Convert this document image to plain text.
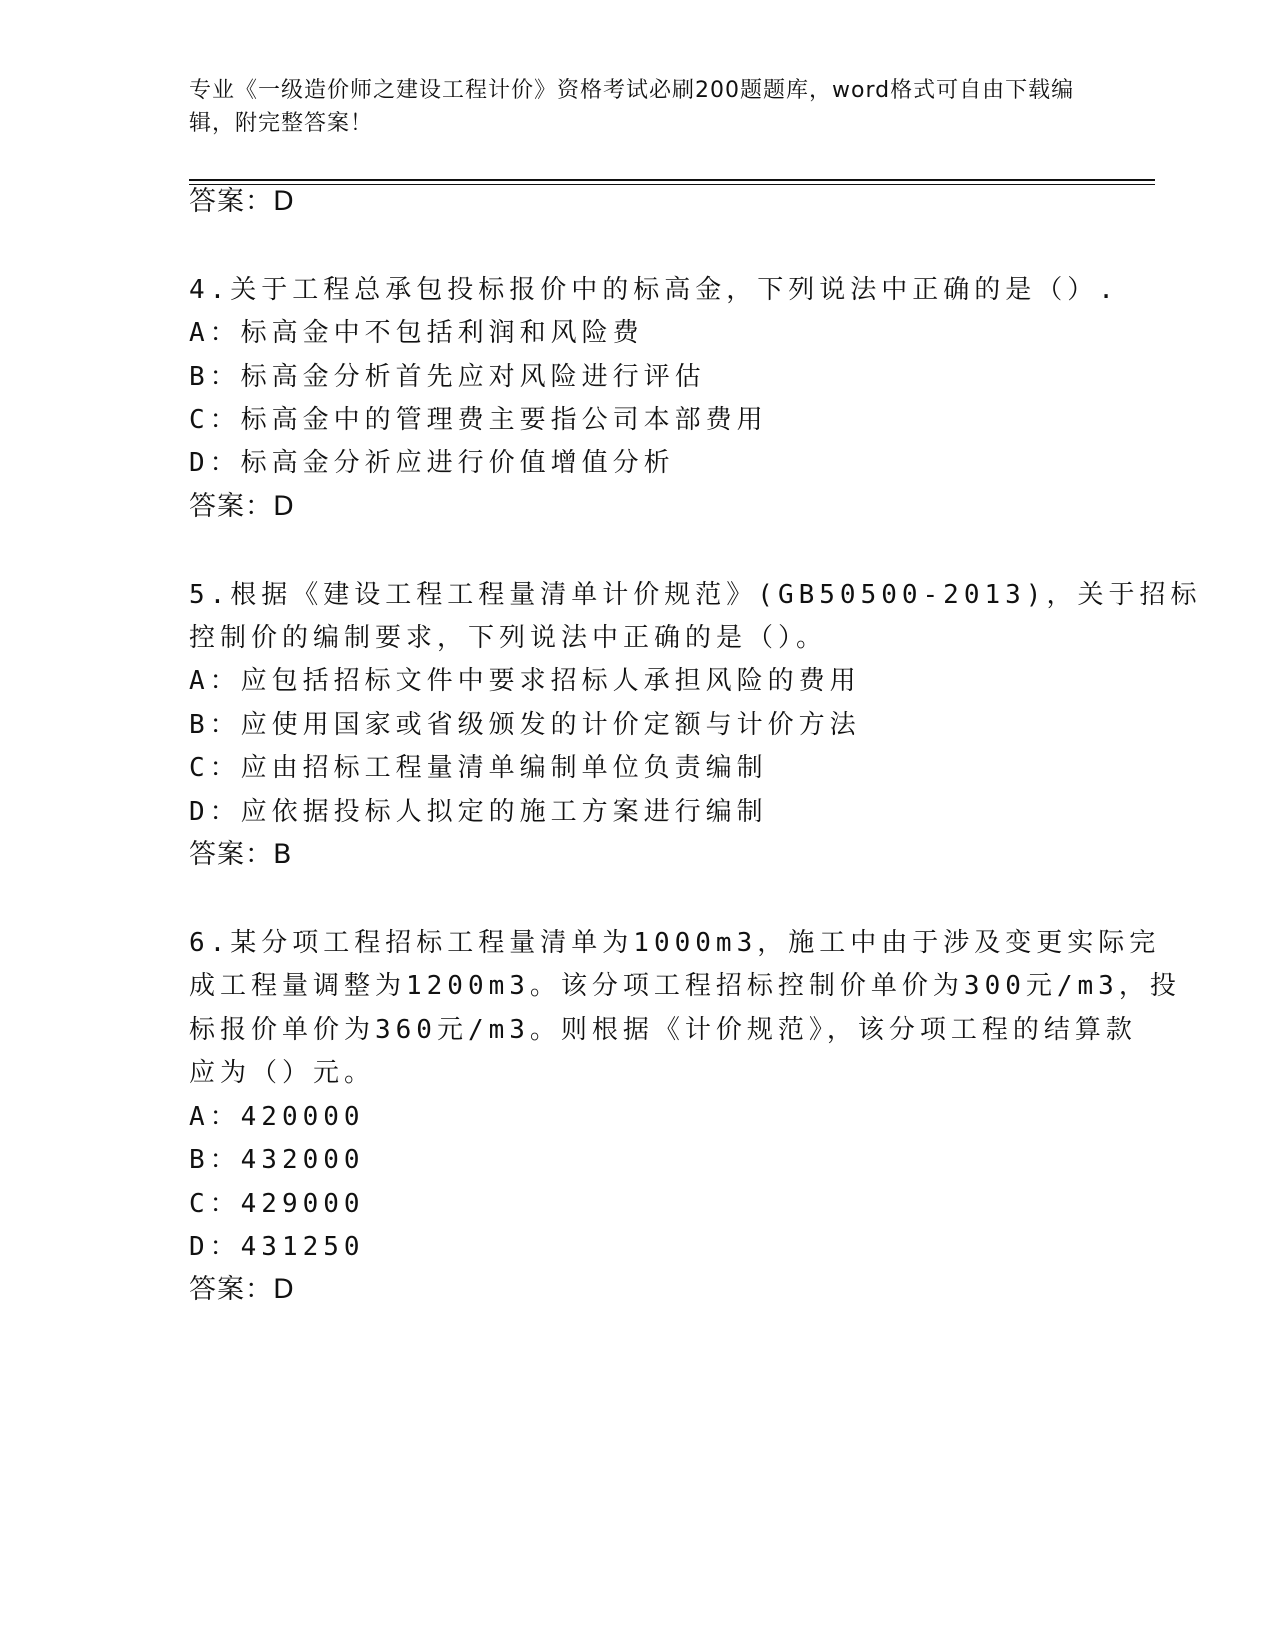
专业《一级造价师之建设工程计价》资格考试必刷200题题库，word格式可自由下载编辑，附完整答案！
答案：D
4.关于工程总承包投标报价中的标高金，下列说法中正确的是（）.
A：标高金中不包括利润和风险费
B：标高金分析首先应对风险进行评估
C：标高金中的管理费主要指公司本部费用
D：标高金分祈应进行价值增值分析
答案：D
5.根据《建设工程工程量清单计价规范》(GB50500-2013)，关于招标
控制价的编制要求，下列说法中正确的是（）。
A：应包括招标文件中要求招标人承担风险的费用
B：应使用国家或省级颁发的计价定额与计价方法
C：应由招标工程量清单编制单位负责编制
D：应依据投标人拟定的施工方案进行编制
答案：B
6.某分项工程招标工程量清单为1000m3，施工中由于涉及变更实际完
成工程量调整为1200m3。该分项工程招标控制价单价为300元/m3，投
标报价单价为360元/m3。则根据《计价规范》，该分项工程的结算款
应为（）元。
A：420000
B：432000
C：429000
D：431250
答案：D
